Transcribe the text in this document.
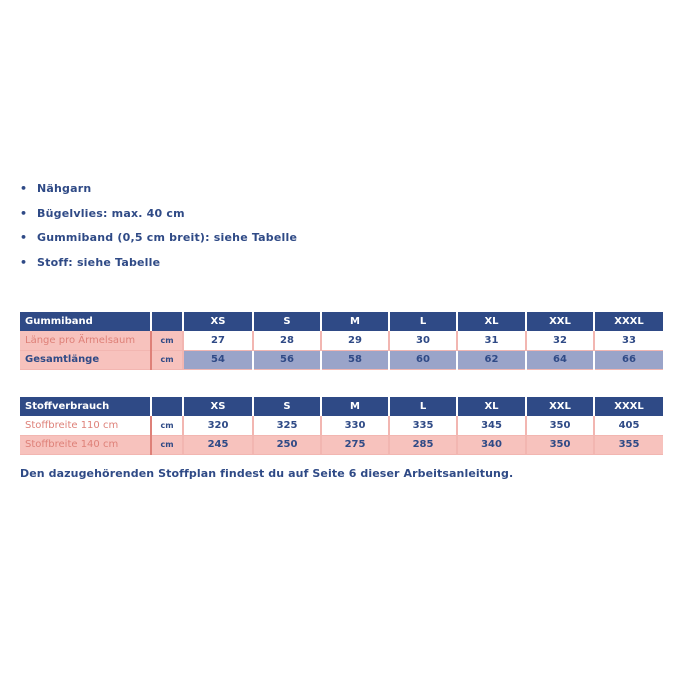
• Nähgarn
• Bügelvlies: max. 40 cm
• Gummiband (0,5 cm breit): siehe Tabelle
• Stoff: siehe Tabelle
Gummiband		XS	S	M	L	XL	XXL	XXXL
Länge pro Ärmelsaum	cm	27	28	29	30	31	32	33
Gesamtlänge	cm	54	56	58	60	62	64	66
Stoffverbrauch		XS	S	M	L	XL	XXL	XXXL
Stoffbreite 110 cm	cm	320	325	330	335	345	350	405
Stoffbreite 140 cm	cm	245	250	275	285	340	350	355
Den dazugehörenden Stoffplan findest du auf Seite 6 dieser Arbeitsanleitung.
